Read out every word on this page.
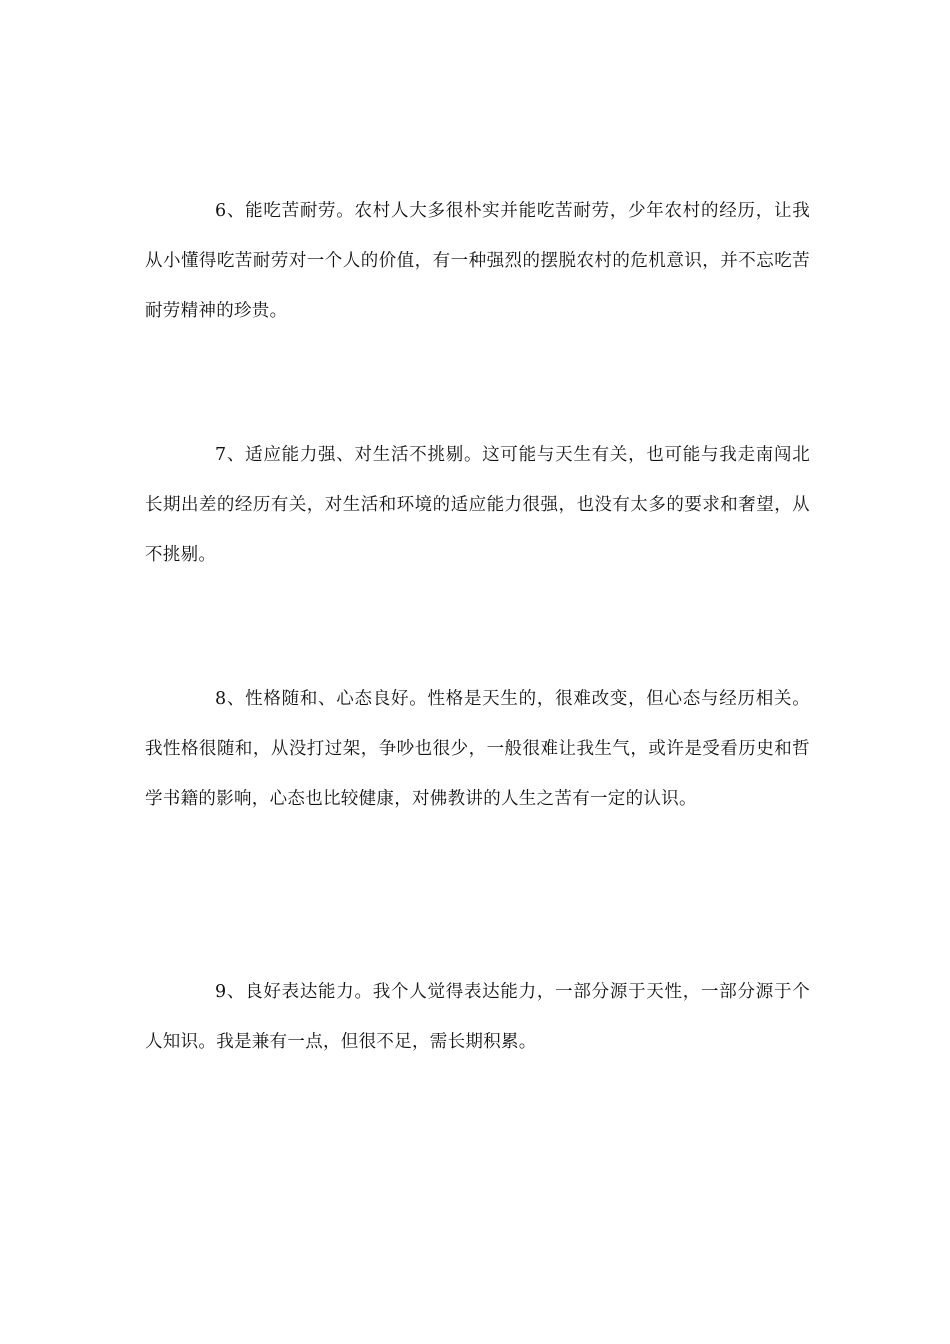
6、能吃苦耐劳。农村人大多很朴实并能吃苦耐劳，少年农村的经历，让我从小懂得吃苦耐劳对一个人的价值，有一种强烈的摆脱农村的危机意识，并不忘吃苦耐劳精神的珍贵。

7、适应能力强、对生活不挑剔。这可能与天生有关，也可能与我走南闯北长期出差的经历有关，对生活和环境的适应能力很强，也没有太多的要求和奢望，从不挑剔。

8、性格随和、心态良好。性格是天生的，很难改变，但心态与经历相关。我性格很随和，从没打过架，争吵也很少，一般很难让我生气，或许是受看历史和哲学书籍的影响，心态也比较健康，对佛教讲的人生之苦有一定的认识。

9、良好表达能力。我个人觉得表达能力，一部分源于天性，一部分源于个人知识。我是兼有一点，但很不足，需长期积累。
